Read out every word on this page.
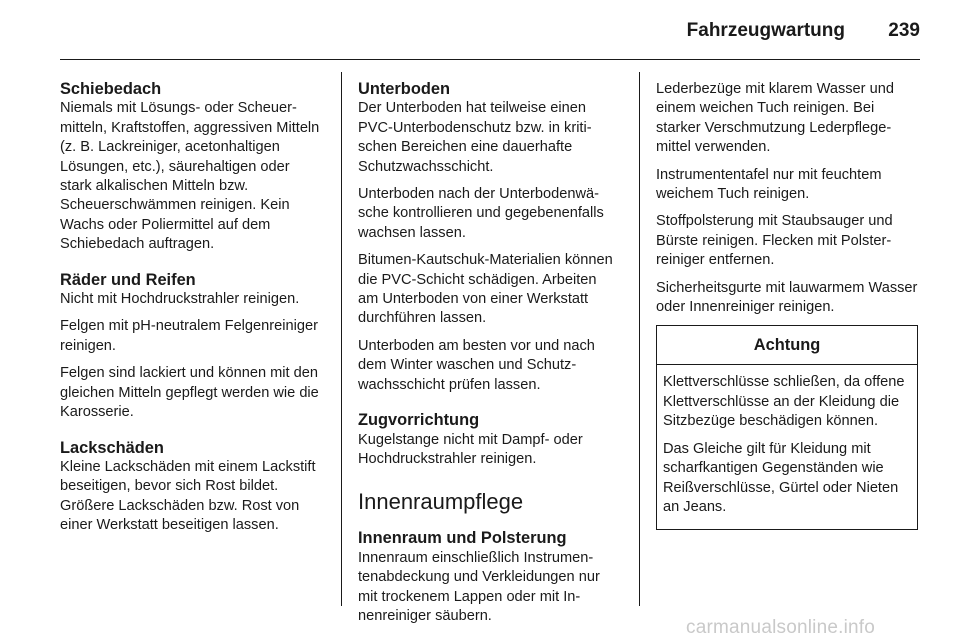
Fahrzeugwartung 239
Schiebedach

Niemals mit Lösungs- oder Scheuermitteln, Kraftstoffen, aggressiven Mitteln (z. B. Lackreiniger, acetonhaltigen Lösungen, etc.), säurehaltigen oder stark alkalischen Mitteln bzw. Scheuerschwämmen reinigen. Kein Wachs oder Poliermittel auf dem Schiebedach auftragen.

Räder und Reifen

Nicht mit Hochdruckstrahler reinigen.

Felgen mit pH-neutralem Felgenreiniger reinigen.

Felgen sind lackiert und können mit den gleichen Mitteln gepflegt werden wie die Karosserie.

Lackschäden

Kleine Lackschäden mit einem Lackstift beseitigen, bevor sich Rost bildet. Größere Lackschäden bzw. Rost von einer Werkstatt beseitigen lassen.

Unterboden

Der Unterboden hat teilweise einen PVC-Unterbodenschutz bzw. in kritischen Bereichen eine dauerhafte Schutzwachsschicht.

Unterboden nach der Unterbodenwäsche kontrollieren und gegebenenfalls wachsen lassen.

Bitumen-Kautschuk-Materialien können die PVC-Schicht schädigen. Arbeiten am Unterboden von einer Werkstatt durchführen lassen.

Unterboden am besten vor und nach dem Winter waschen und Schutzwachsschicht prüfen lassen.

Zugvorrichtung

Kugelstange nicht mit Dampf- oder Hochdruckstrahler reinigen.

Innenraumpflege
Innenraum und Polsterung

Innenraum einschließlich Instrumentenabdeckung und Verkleidungen nur mit trockenem Lappen oder mit Innenreiniger säubern.

Lederbezüge mit klarem Wasser und einem weichen Tuch reinigen. Bei starker Verschmutzung Lederpflegemittel verwenden.

Instrumententafel nur mit feuchtem weichem Tuch reinigen.

Stoffpolsterung mit Staubsauger und Bürste reinigen. Flecken mit Polsterreiniger entfernen.

Sicherheitsgurte mit lauwarmem Wasser oder Innenreiniger reinigen.

Achtung

Klettverschlüsse schließen, da offene Klettverschlüsse an der Kleidung die Sitzbezüge beschädigen können.

Das Gleiche gilt für Kleidung mit scharfkantigen Gegenständen wie Reißverschlüsse, Gürtel oder Nieten an Jeans.

carmanualsonline.info
